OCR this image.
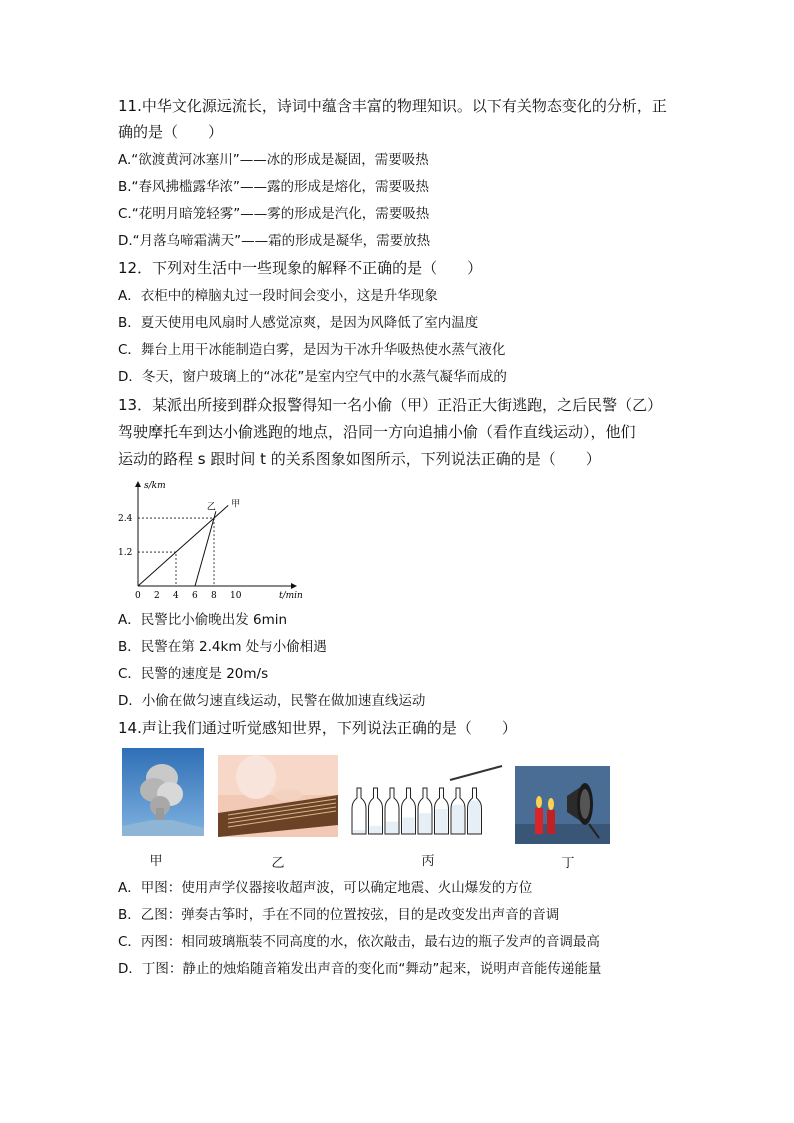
11.中华文化源远流长，诗词中蕴含丰富的物理知识。以下有关物态变化的分析，正
确的是（　　）
A.“欲渡黄河冰塞川”——冰的形成是凝固，需要吸热
B.“春风拂槛露华浓”——露的形成是熔化，需要吸热
C.“花明月暗笼轻雾”——雾的形成是汽化，需要吸热
D.“月落乌啼霜满天”——霜的形成是凝华，需要放热
12．下列对生活中一些现象的解释不正确的是（　　）
A．衣柜中的樟脑丸过一段时间会变小，这是升华现象
B．夏天使用电风扇时人感觉凉爽，是因为风降低了室内温度
C．舞台上用干冰能制造白雾，是因为干冰升华吸热使水蒸气液化
D．冬天，窗户玻璃上的“冰花”是室内空气中的水蒸气凝华而成的
13．某派出所接到群众报警得知一名小偷（甲）正沿正大街逃跑，之后民警（乙）
驾驶摩托车到达小偷逃跑的地点，沿同一方向追捕小偷（看作直线运动），他们
运动的路程 s 跟时间 t 的关系图象如图所示，下列说法正确的是（　　）
s/km
t/min
0 2 4 6 8 10
1.2
2.4
甲
乙
A．民警比小偷晚出发 6min
B．民警在第 2.4km 处与小偷相遇
C．民警的速度是 20m/s
D．小偷在做匀速直线运动，民警在做加速直线运动
14.声让我们通过听觉感知世界，下列说法正确的是（　　）
甲	乙	丙	丁
A．甲图：使用声学仪器接收超声波，可以确定地震、火山爆发的方位
B．乙图：弹奏古筝时，手在不同的位置按弦，目的是改变发出声音的音调
C．丙图：相同玻璃瓶装不同高度的水，依次敲击，最右边的瓶子发声的音调最高
D．丁图：静止的烛焰随音箱发出声音的变化而“舞动”起来，说明声音能传递能量
